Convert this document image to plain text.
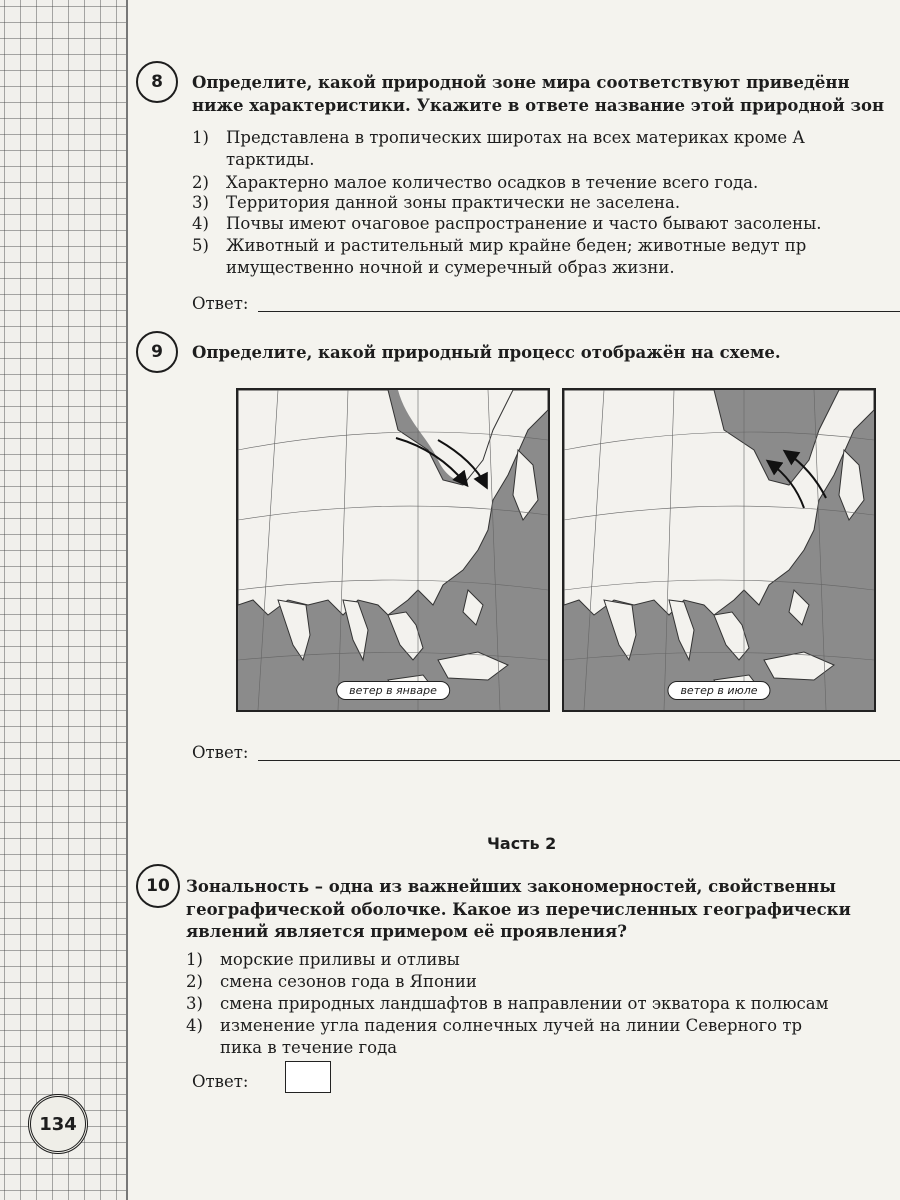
8	Определите, какой природной зоне мира соответствуют приведённ
ниже характеристики. Укажите в ответе название этой природной зон
1) Представлена в тропических широтах на всех материках кроме А
тарктиды.
2) Характерно малое количество осадков в течение всего года.
3) Территория данной зоны практически не заселена.
4) Почвы имеют очаговое распространение и часто бывают засолены.
5) Животный и растительный мир крайне беден; животные ведут пр
имущественно ночной и сумеречный образ жизни.
Ответ:
9	Определите, какой природный процесс отображён на схеме.
ветер в январе	ветер в июле
Ответ:
Часть 2
10 Зональность – одна из важнейших закономерностей, свойственны
географической оболочке. Какое из перечисленных географически
явлений является примером её проявления?
1) морские приливы и отливы
2) смена сезонов года в Японии
3) смена природных ландшафтов в направлении от экватора к полюсам
4) изменение угла падения солнечных лучей на линии Северного тр
пика в течение года
Ответ:
134
